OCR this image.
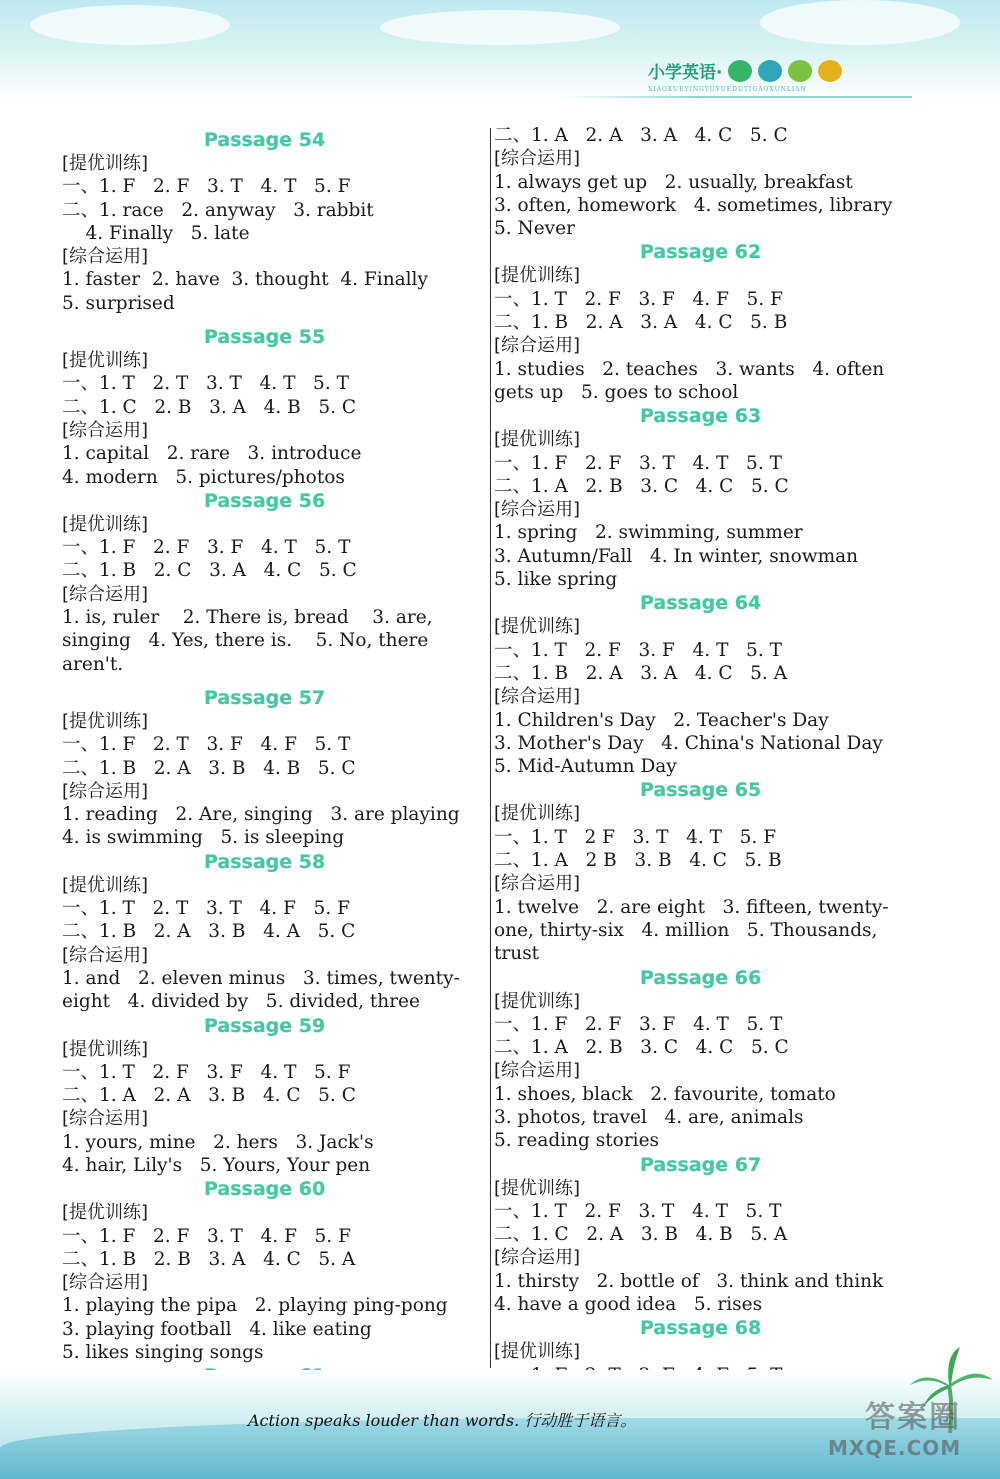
小学英语·
XIAOXUEYINGYUYUEDUTIGAOXUNLIAN
Passage 54
[提优训练]
一、1. F   2. F   3. T   4. T   5. F
二、1. race   2. anyway   3. rabbit
4. Finally   5. late
[综合运用]
1. faster  2. have  3. thought  4. Finally
5. surprised
Passage 55
[提优训练]
一、1. T   2. T   3. T   4. T   5. T
二、1. C   2. B   3. A   4. B   5. C
[综合运用]
1. capital   2. rare   3. introduce
4. modern   5. pictures/photos
Passage 56
[提优训练]
一、1. F   2. F   3. F   4. T   5. T
二、1. B   2. C   3. A   4. C   5. C
[综合运用]
1. is, ruler    2. There is, bread    3. are,
singing   4. Yes, there is.    5. No, there
aren't.
Passage 57
[提优训练]
一、1. F   2. T   3. F   4. F   5. T
二、1. B   2. A   3. B   4. B   5. C
[综合运用]
1. reading   2. Are, singing   3. are playing
4. is swimming   5. is sleeping
Passage 58
[提优训练]
一、1. T   2. T   3. T   4. F   5. F
二、1. B   2. A   3. B   4. A   5. C
[综合运用]
1. and   2. eleven minus   3. times, twenty-
eight   4. divided by   5. divided, three
Passage 59
[提优训练]
一、1. T   2. F   3. F   4. T   5. F
二、1. A   2. A   3. B   4. C   5. C
[综合运用]
1. yours, mine   2. hers   3. Jack's
4. hair, Lily's   5. Yours, Your pen
Passage 60
[提优训练]
一、1. F   2. F   3. T   4. F   5. F
二、1. B   2. B   3. A   4. C   5. A
[综合运用]
1. playing the pipa   2. playing ping-pong
3. playing football   4. like eating
5. likes singing songs
二、1. A   2. A   3. A   4. C   5. C
[综合运用]
1. always get up   2. usually, breakfast
3. often, homework   4. sometimes, library
5. Never
Passage 62
[提优训练]
一、1. T   2. F   3. F   4. F   5. F
二、1. B   2. A   3. A   4. C   5. B
[综合运用]
1. studies   2. teaches   3. wants   4. often
gets up   5. goes to school
Passage 63
[提优训练]
一、1. F   2. F   3. T   4. T   5. T
二、1. A   2. B   3. C   4. C   5. C
[综合运用]
1. spring   2. swimming, summer
3. Autumn/Fall   4. In winter, snowman
5. like spring
Passage 64
[提优训练]
一、1. T   2. F   3. F   4. T   5. T
二、1. B   2. A   3. A   4. C   5. A
[综合运用]
1. Children's Day   2. Teacher's Day
3. Mother's Day   4. China's National Day
5. Mid-Autumn Day
Passage 65
[提优训练]
一、1. T   2 F   3. T   4. T   5. F
二、1. A   2 B   3. B   4. C   5. B
[综合运用]
1. twelve   2. are eight   3. fifteen, twenty-
one, thirty-six   4. million   5. Thousands,
trust
Passage 66
[提优训练]
一、1. F   2. F   3. F   4. T   5. T
二、1. A   2. B   3. C   4. C   5. C
[综合运用]
1. shoes, black   2. favourite, tomato
3. photos, travel   4. are, animals
5. reading stories
Passage 67
[提优训练]
一、1. T   2. F   3. T   4. T   5. T
二、1. C   2. A   3. B   4. B   5. A
[综合运用]
1. thirsty   2. bottle of   3. think and think
4. have a good idea   5. rises
Passage 68
[提优训练]
Action speaks louder than words. 行动胜于语言。	答案圈
MXQE.COM
